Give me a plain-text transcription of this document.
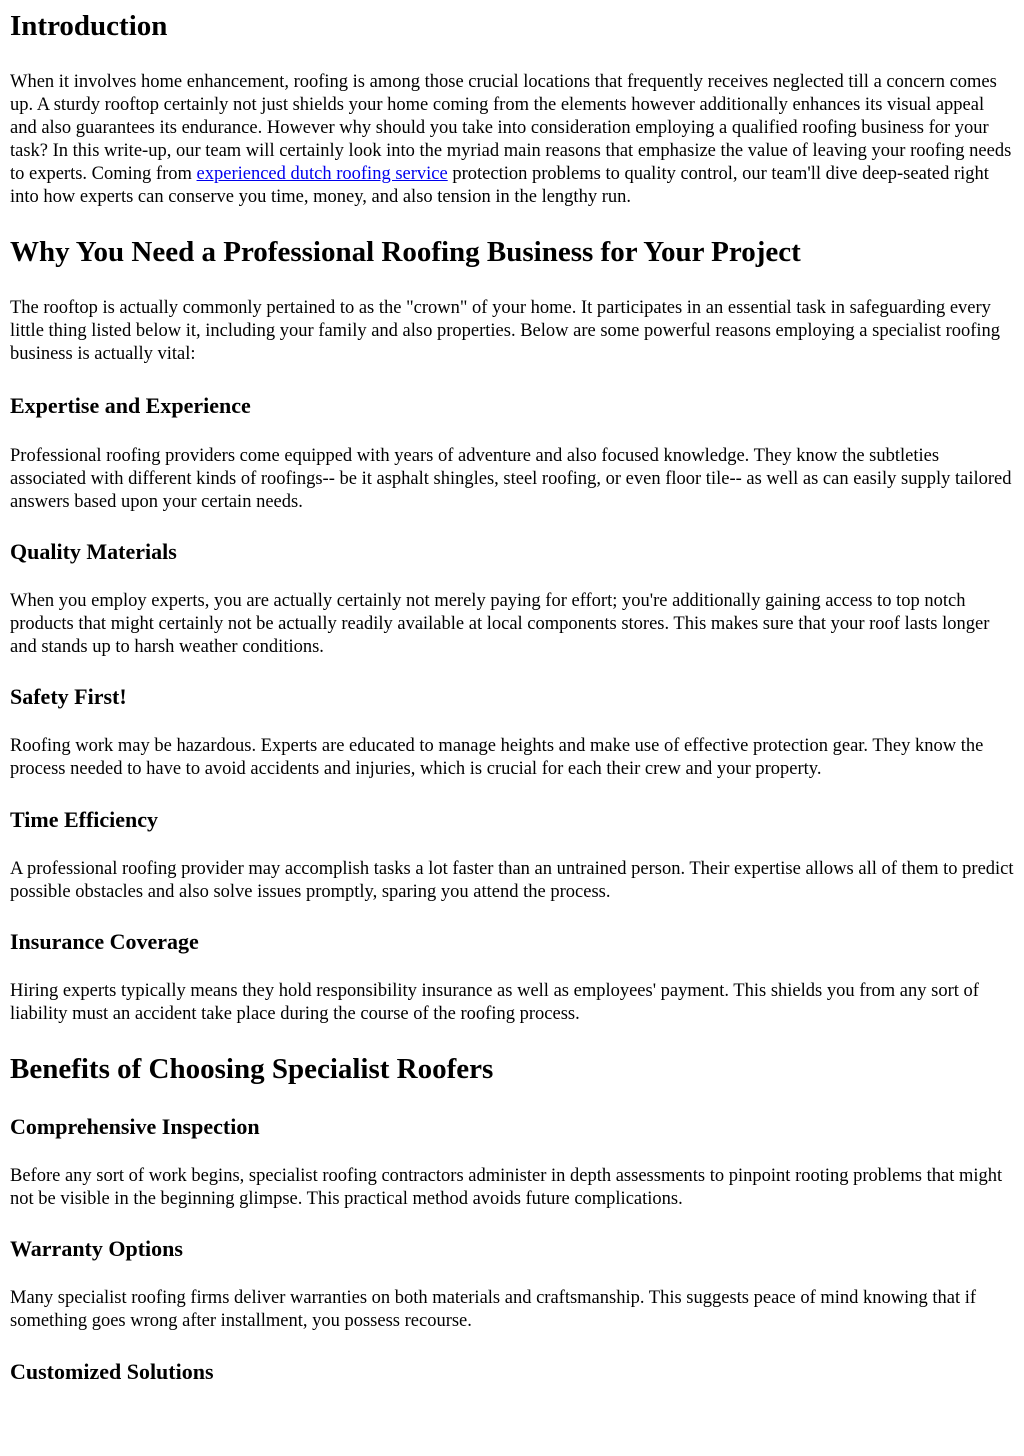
Introduction

When it involves home enhancement, roofing is among those crucial locations that frequently receives neglected till a concern comes up. A sturdy rooftop certainly not just shields your home coming from the elements however additionally enhances its visual appeal and also guarantees its endurance. However why should you take into consideration employing a qualified roofing business for your task? In this write-up, our team will certainly look into the myriad main reasons that emphasize the value of leaving your roofing needs to experts. Coming from experienced dutch roofing service protection problems to quality control, our team'll dive deep-seated right into how experts can conserve you time, money, and also tension in the lengthy run.

Why You Need a Professional Roofing Business for Your Project

The rooftop is actually commonly pertained to as the "crown" of your home. It participates in an essential task in safeguarding every little thing listed below it, including your family and also properties. Below are some powerful reasons employing a specialist roofing business is actually vital:

Expertise and Experience

Professional roofing providers come equipped with years of adventure and also focused knowledge. They know the subtleties associated with different kinds of roofings-- be it asphalt shingles, steel roofing, or even floor tile-- as well as can easily supply tailored answers based upon your certain needs.

Quality Materials

When you employ experts, you are actually certainly not merely paying for effort; you're additionally gaining access to top notch products that might certainly not be actually readily available at local components stores. This makes sure that your roof lasts longer and stands up to harsh weather conditions.

Safety First!

Roofing work may be hazardous. Experts are educated to manage heights and make use of effective protection gear. They know the process needed to have to avoid accidents and injuries, which is crucial for each their crew and your property.

Time Efficiency

A professional roofing provider may accomplish tasks a lot faster than an untrained person. Their expertise allows all of them to predict possible obstacles and also solve issues promptly, sparing you attend the process.

Insurance Coverage

Hiring experts typically means they hold responsibility insurance as well as employees' payment. This shields you from any sort of liability must an accident take place during the course of the roofing process.

Benefits of Choosing Specialist Roofers
Comprehensive Inspection

Before any sort of work begins, specialist roofing contractors administer in depth assessments to pinpoint rooting problems that might not be visible in the beginning glimpse. This practical method avoids future complications.

Warranty Options

Many specialist roofing firms deliver warranties on both materials and craftsmanship. This suggests peace of mind knowing that if something goes wrong after installment, you possess recourse.

Customized Solutions
